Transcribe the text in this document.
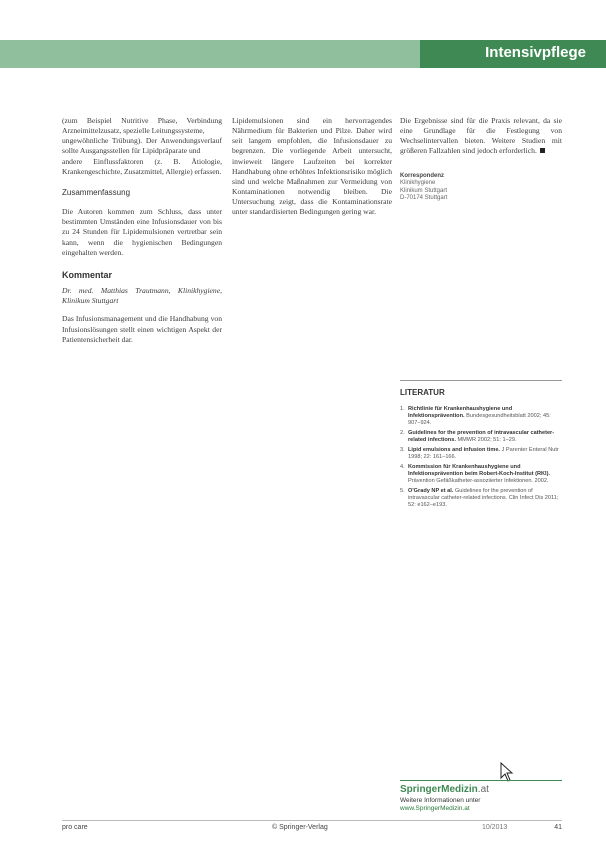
Intensivpflege

(zum Beispiel Nutritive Phase, Verbindung Arzneimittelzusatz, spezielle Leitungssysteme,

ungewöhnliche Trübung). Der Anwendungsverlauf sollte Ausgangsstellen für Lipidpräparate und

andere Einflussfaktoren (z. B. Ätiologie, Krankengeschichte, Zusatzmittel, Allergie) erfassen.

Zusammenfassung

Die Autoren kommen zum Schluss, dass unter bestimmten Umständen eine Infusionsdauer von bis zu 24 Stunden für Lipidemulsionen vertretbar sein kann, wenn die hygienischen Bedingungen eingehalten werden.

Kommentar

Dr. med. Matthias Trautmann, Klinikhygiene, Klinikum Stuttgart

Das Infusionsmanagement und die Handhabung von Infusionslösungen stellt einen wichtigen Aspekt der Patientensicherheit dar.

Lipidemulsionen sind ein hervorragendes Nährmedium für Bakterien und Pilze. Daher wird seit langem empfohlen, die Infusionsdauer zu begrenzen. Die vorliegende Arbeit untersucht, inwieweit längere Laufzeiten bei korrekter Handhabung ohne erhöhtes Infektionsrisiko möglich sind und welche Maßnahmen zur Vermeidung von Kontaminationen notwendig bleiben. Die Untersuchung zeigt, dass die Kontaminationsrate unter standardisierten Bedingungen gering war.

Die Ergebnisse sind für die Praxis relevant, da sie eine Grundlage für die Festlegung von Wechselintervallen bieten. Weitere Studien mit größeren Fallzahlen sind jedoch erforderlich.

Korrespondenz
Klinikhygiene
Klinikum Stuttgart
D-70174 Stuttgart
LITERATUR
1. Richtlinie für Krankenhaushygiene und Infektionsprävention. Bundesgesundheitsblatt 2002; 45: 907–924.
2. Guidelines for the prevention of intravascular catheter-related infections. MMWR 2002; 51: 1–29.
3. Lipid emulsions and infusion time. J Parenter Enteral Nutr 1998; 22: 161–166.
4. Kommission für Krankenhaushygiene und Infektionsprävention beim Robert-Koch-Institut (RKI). Prävention Gefäßkatheter-assoziierter Infektionen. 2002.
5. O'Grady NP et al. Guidelines for the prevention of intravascular catheter-related infections. Clin Infect Dis 2011; 52: e162–e193.
SpringerMedizin.at
Weitere Informationen unter
www.SpringerMedizin.at
pro care	© Springer-Verlag	10/2013	41
